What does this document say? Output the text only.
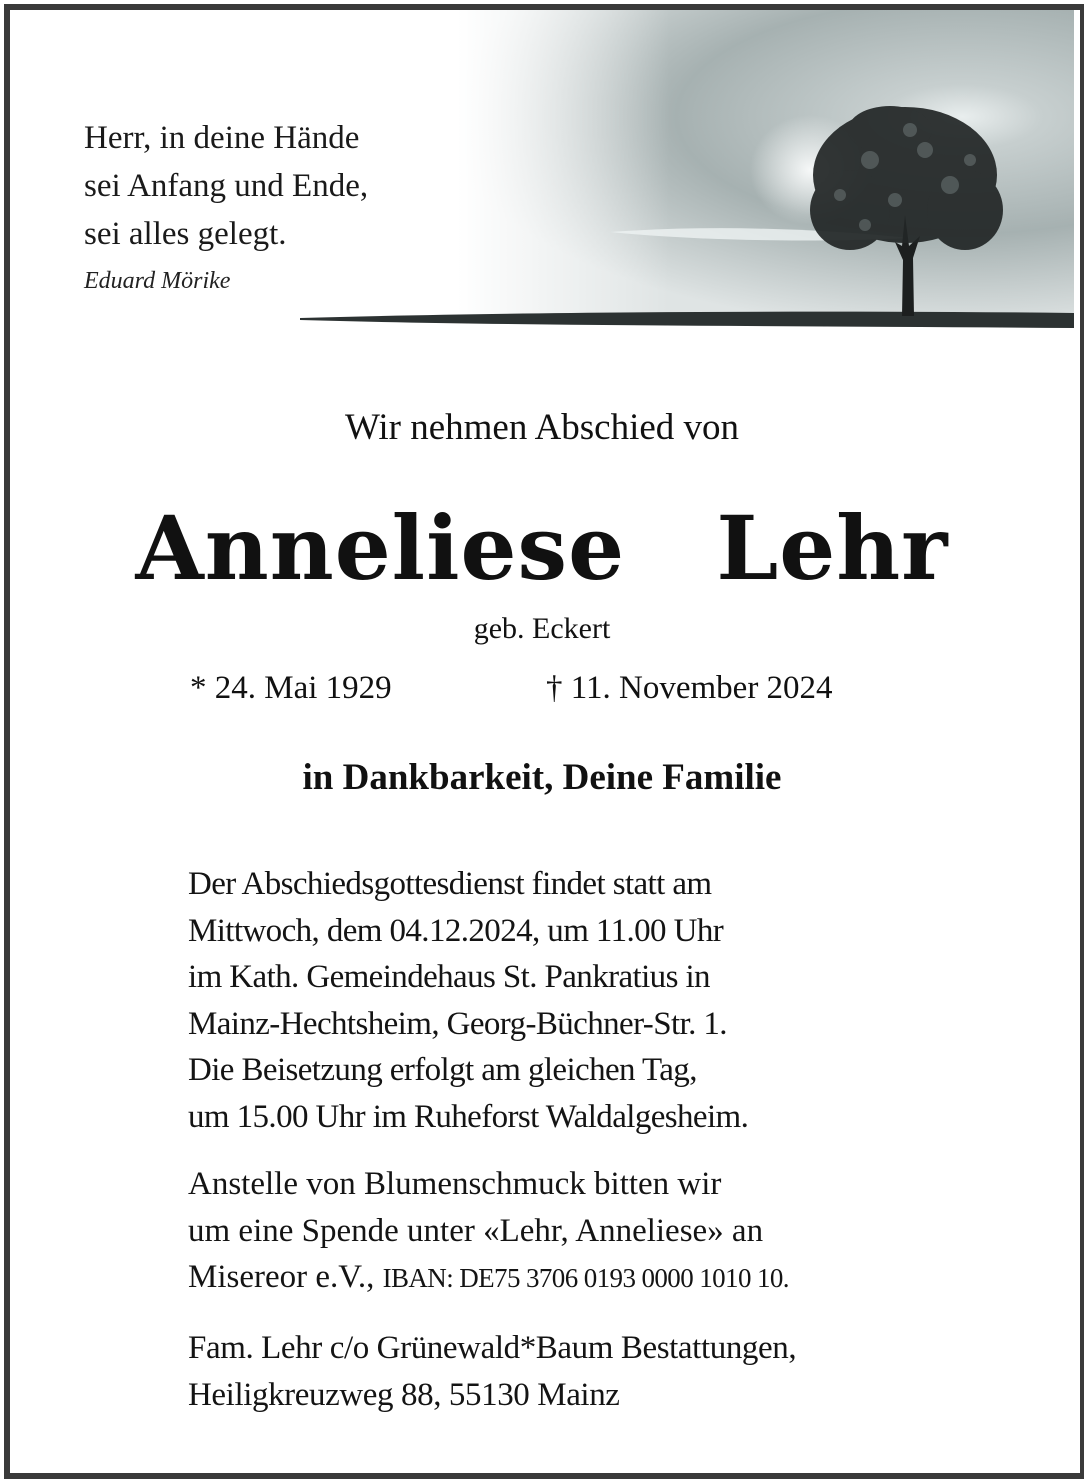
Herr, in deine Hände
sei Anfang und Ende,
sei alles gelegt.
Eduard Mörike
Wir nehmen Abschied von
Anneliese  Lehr
geb. Eckert
* 24. Mai 1929	† 11. November 2024
in Dankbarkeit, Deine Familie
Der Abschiedsgottesdienst findet statt am
Mittwoch, dem 04.12.2024, um 11.00 Uhr
im Kath. Gemeindehaus St. Pankratius in
Mainz-Hechtsheim, Georg-Büchner-Str. 1.
Die Beisetzung erfolgt am gleichen Tag,
um 15.00 Uhr im Ruheforst Waldalgesheim.
Anstelle von Blumenschmuck bitten wir
um eine Spende unter «Lehr, Anneliese» an
Misereor e.V., IBAN: DE75 3706 0193 0000 1010 10.
Fam. Lehr c/o Grünewald*Baum Bestattungen,
Heiligkreuzweg 88, 55130 Mainz
